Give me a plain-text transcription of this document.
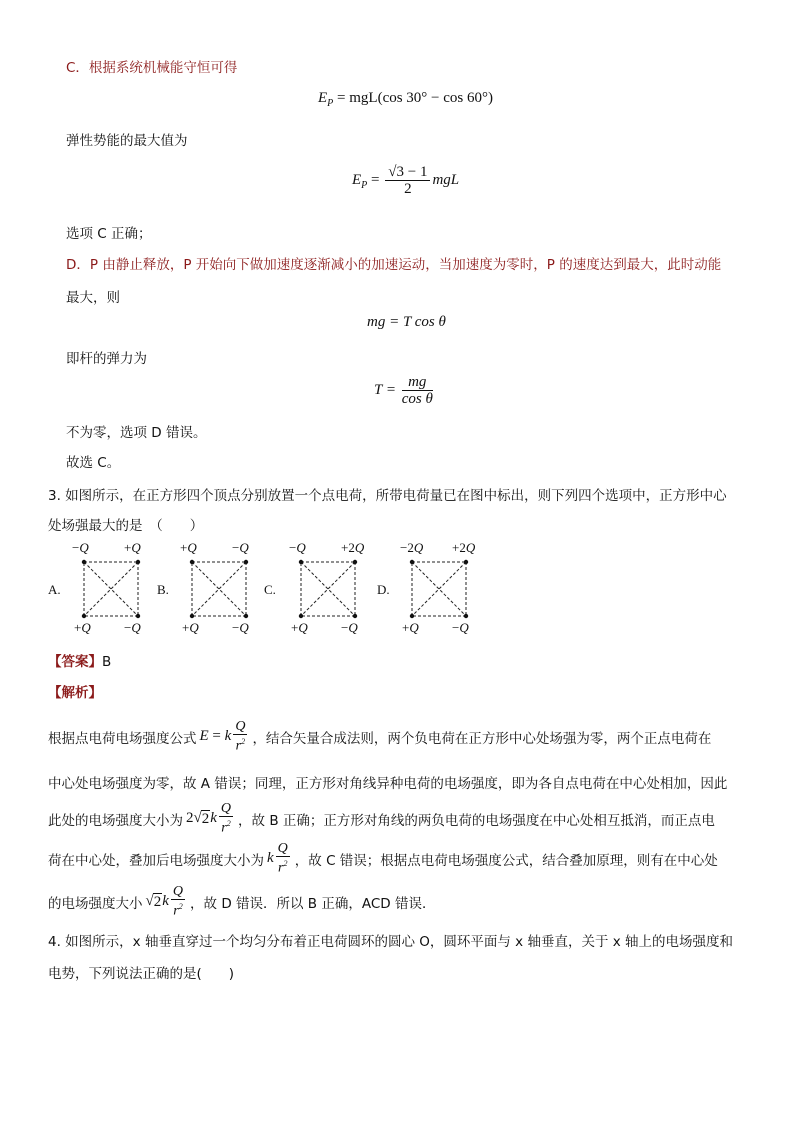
C．根据系统机械能守恒可得
$E_P = mgL(\cos$ 30° − cos 60°)
弹性势能的最大值为
$E_P = \frac{√3 - 1}{2}$ mgL
选项 C 正确；
D．P 由静止释放，P 开始向下做加速度逐渐减小的加速运动，当加速度为零时，P 的速度达到最大，此时动能
最大，则
mg = T cos θ
即杆的弹力为
$T = \frac{mg}{\text{cos θ}}$
不为零，选项 D 错误。
故选 C。
3. 如图所示，在正方形四个顶点分别放置一个点电荷，所带电荷量已在图中标出，则下列四个选项中，正方形中心
处场强最大的是　（　　）
A.
−Q	+Q
+Q	−Q
B.
+Q	−Q
+Q	−Q
C.
−Q	+2Q
+Q	−Q
D.
−2Q +2Q
+Q	−Q
【答案】B
【解析】
根据点电荷电场强度公式 E = k $\frac{Q}{r^2}$ ，结合矢量合成法则，两个负电荷在正方形中心处场强为零，两个正点电荷在
中心处电场强度为零，故 A 错误；同理，正方形对角线异种电荷的电场强度，即为各自点电荷在中心处相加，因此
此处的电场强度大小为 2√ 2 k $\frac{Q}{r^2}$ ，故 B 正确；正方形对角线的两负电荷的电场强度在中心处相互抵消，而正点电
荷在中心处，叠加后电场强度大小为 k $\frac{Q}{r^2}$ ，故 C 错误；根据点电荷电场强度公式，结合叠加原理，则有在中心处
的电场强度大小 √ 2 k $\frac{Q}{r^2}$ ，故 D 错误．所以 B 正确，ACD 错误．
4. 如图所示，x 轴垂直穿过一个均匀分布着正电荷圆环的圆心 O，圆环平面与 x 轴垂直，关于 x 轴上的电场强度和
电势，下列说法正确的是(　　)
